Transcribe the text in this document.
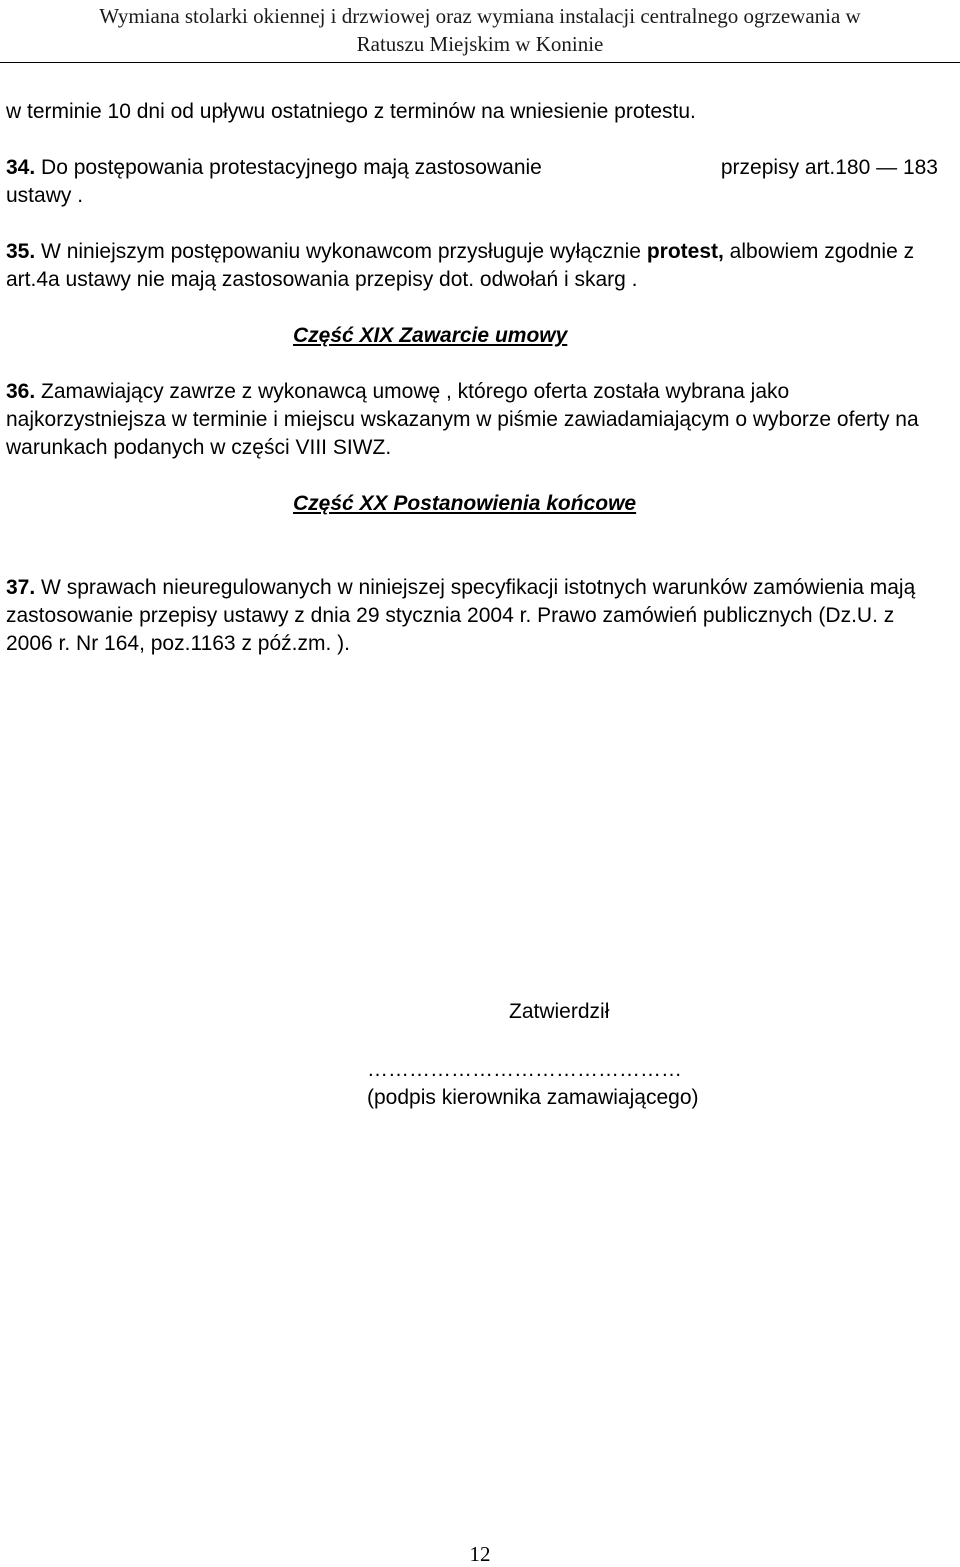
Wymiana stolarki okiennej i drzwiowej oraz wymiana instalacji centralnego ogrzewania w
Ratuszu Miejskim w Koninie

w terminie 10 dni od upływu ostatniego z terminów na wniesienie protestu.

34. Do postępowania protestacyjnego mają zastosowanie	przepisy art.180 — 183
ustawy .

35. W niniejszym postępowaniu wykonawcom przysługuje wyłącznie protest, albowiem zgodnie z art.4a ustawy nie mają zastosowania przepisy dot. odwołań i skarg .

Część XIX Zawarcie umowy

36. Zamawiający zawrze z wykonawcą umowę , którego oferta została wybrana jako najkorzystniejsza w terminie i miejscu wskazanym w piśmie zawiadamiającym o wyborze oferty na warunkach podanych w części VIII SIWZ.

Część XX Postanowienia końcowe

37. W sprawach nieuregulowanych w niniejszej specyfikacji istotnych warunków zamówienia mają zastosowanie przepisy ustawy z dnia 29 stycznia 2004 r. Prawo zamówień publicznych (Dz.U. z 2006 r. Nr 164, poz.1163 z póź.zm. ).

Zatwierdził
………………………………………
(podpis kierownika zamawiającego)
12
